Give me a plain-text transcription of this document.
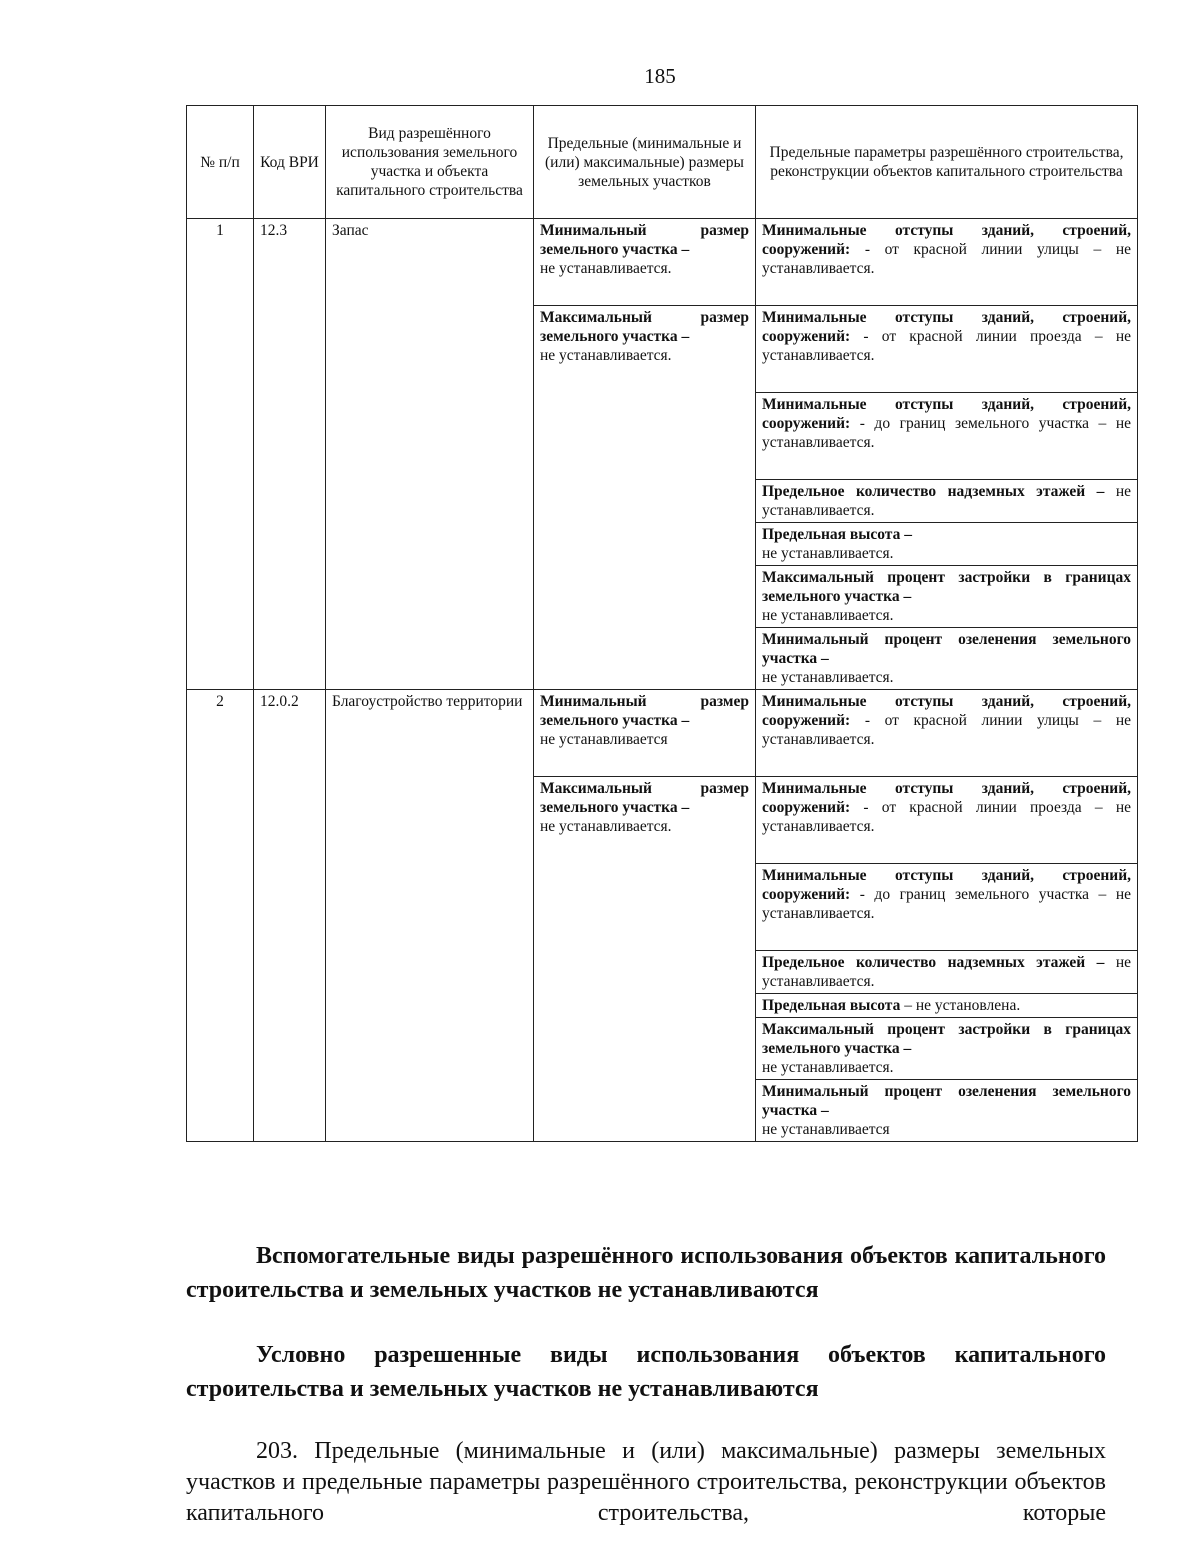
185
№ п/п	Код ВРИ	Вид разрешённого использования земельного участка и объекта капитального строительства	Предельные (минимальные и (или) максимальные) размеры земельных участков	Предельные параметры разрешённого строительства, реконструкции объектов капитального строительства
1	12.3	Запас	Минимальный размер земельного участка –
не устанавливается.	Минимальные отступы зданий, строений, сооружений: - от красной линии улицы – не устанавливается.
			Максимальный размер земельного участка –
не устанавливается.	Минимальные отступы зданий, строений, сооружений: - от красной линии проезда – не устанавливается.
				Минимальные отступы зданий, строений, сооружений: - до границ земельного участка – не устанавливается.
				Предельное количество надземных этажей – не устанавливается.
				Предельная высота –
не устанавливается.
				Максимальный процент застройки в границах земельного участка –
не устанавливается.
				Минимальный процент озеленения земельного участка –
не устанавливается.
2	12.0.2	Благоустройство территории	Минимальный размер земельного участка –
не устанавливается	Минимальные отступы зданий, строений, сооружений: - от красной линии улицы – не устанавливается.
			Максимальный размер земельного участка –
не устанавливается.	Минимальные отступы зданий, строений, сооружений: - от красной линии проезда – не устанавливается.
				Минимальные отступы зданий, строений, сооружений: - до границ земельного участка – не устанавливается.
				Предельное количество надземных этажей – не устанавливается.
				Предельная высота – не установлена.
				Максимальный процент застройки в границах земельного участка –
не устанавливается.
				Минимальный процент озеленения земельного участка –
не устанавливается
Вспомогательные виды разрешённого использования объектов капитального строительства и земельных участков не устанавливаются
Условно разрешенные виды использования объектов капитального строительства и земельных участков не устанавливаются
203. Предельные (минимальные и (или) максимальные) размеры земельных участков и предельные параметры разрешённого строительства, реконструкции объектов капитального строительства, которые
